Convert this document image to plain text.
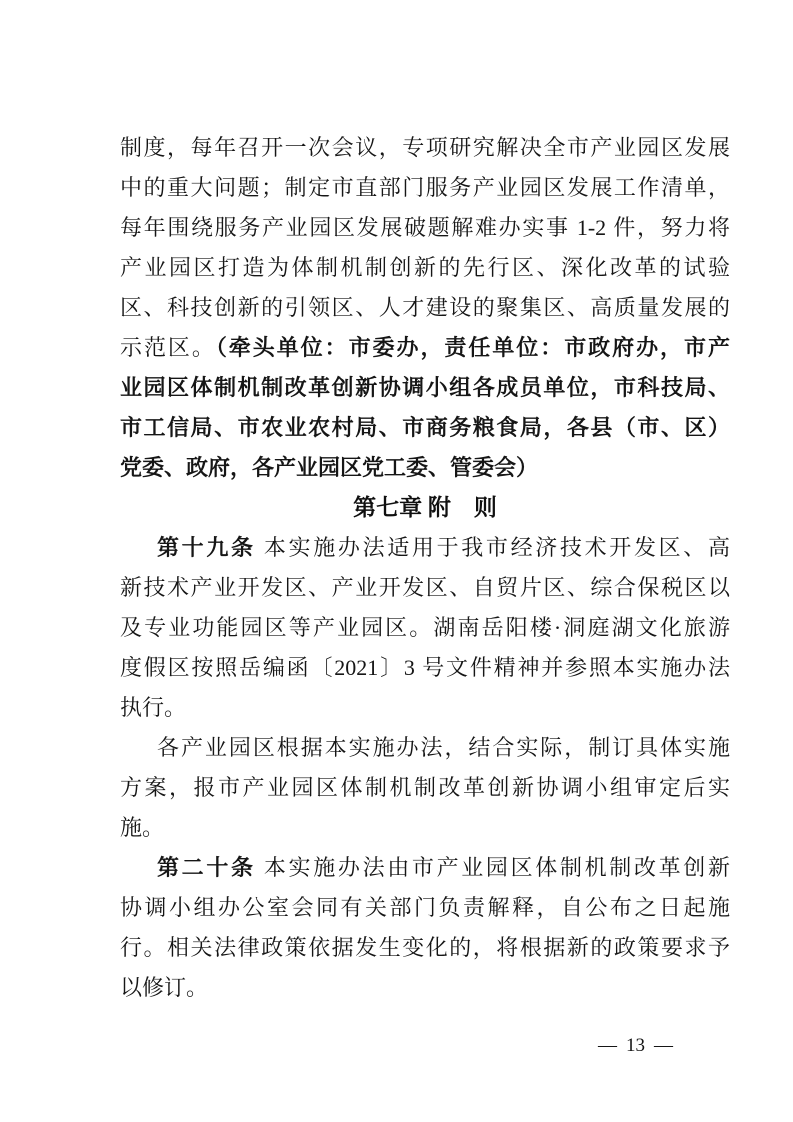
制度，每年召开一次会议，专项研究解决全市产业园区发展
中的重大问题；制定市直部门服务产业园区发展工作清单，
每年围绕服务产业园区发展破题解难办实事 1-2 件，努力将
产业园区打造为体制机制创新的先行区、深化改革的试验
区、科技创新的引领区、人才建设的聚集区、高质量发展的
示范区。（牵头单位：市委办，责任单位：市政府办，市产
业园区体制机制改革创新协调小组各成员单位，市科技局、
市工信局、市农业农村局、市商务粮食局，各县（市、区）
党委、政府，各产业园区党工委、管委会）
第七章 附　则
第十九条 本实施办法适用于我市经济技术开发区、高
新技术产业开发区、产业开发区、自贸片区、综合保税区以
及专业功能园区等产业园区。湖南岳阳楼·洞庭湖文化旅游
度假区按照岳编函〔2021〕3 号文件精神并参照本实施办法
执行。
各产业园区根据本实施办法，结合实际，制订具体实施
方案，报市产业园区体制机制改革创新协调小组审定后实
施。
第二十条 本实施办法由市产业园区体制机制改革创新
协调小组办公室会同有关部门负责解释，自公布之日起施
行。相关法律政策依据发生变化的，将根据新的政策要求予
以修订。
— 13 —
